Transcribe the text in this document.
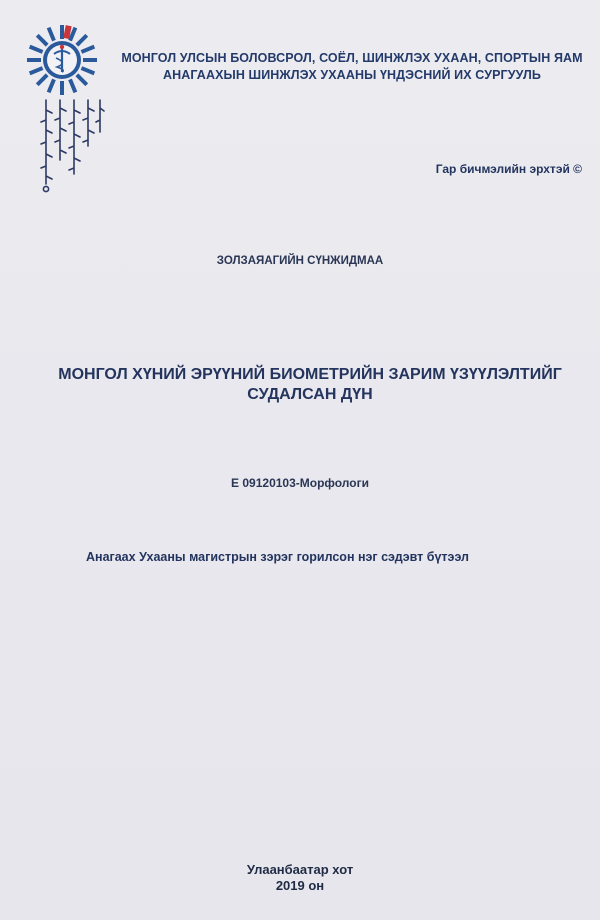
МОНГОЛ УЛСЫН БОЛОВСРОЛ, СОЁЛ, ШИНЖЛЭХ УХААН, СПОРТЫН ЯАМ
АНАГААХЫН ШИНЖЛЭХ УХААНЫ ҮНДЭСНИЙ ИХ СУРГУУЛЬ
Гар бичмэлийн эрхтэй ©
ЗОЛЗАЯАГИЙН СҮНЖИДМАА
МОНГОЛ ХҮНИЙ ЭРҮҮНИЙ БИОМЕТРИЙН ЗАРИМ ҮЗҮҮЛЭЛТИЙГ
СУДАЛСАН ДҮН
Е 09120103-Морфологи
Анагаах Ухааны магистрын зэрэг горилсон нэг сэдэвт бүтээл
Улаанбаатар хот
2019 он
